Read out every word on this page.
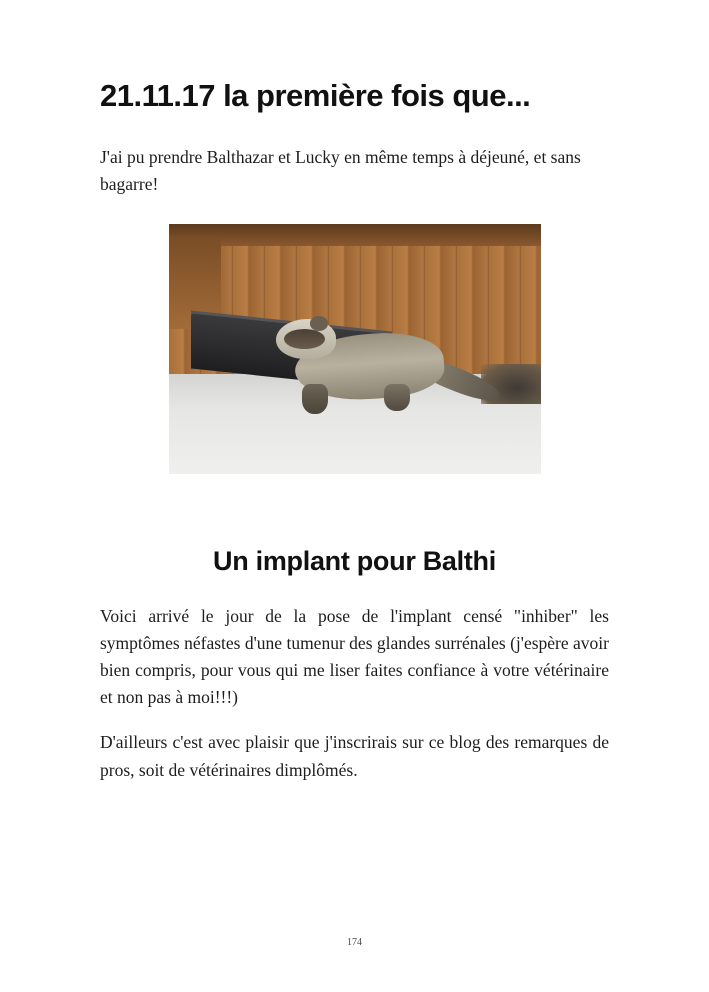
21.11.17 la première fois que...

J'ai pu prendre Balthazar et Lucky en même temps à déjeuné, et sans bagarre!

Un implant pour Balthi

Voici arrivé le jour de la pose de l'implant censé "inhiber" les symptômes néfastes d'une tumenur des glandes surrénales (j'espère avoir bien compris, pour vous qui me liser faites confiance à votre vétérinaire et non pas à moi!!!)

D'ailleurs c'est avec plaisir que j'inscrirais sur ce blog des remarques de pros, soit de vétérinaires dimplômés.

174
